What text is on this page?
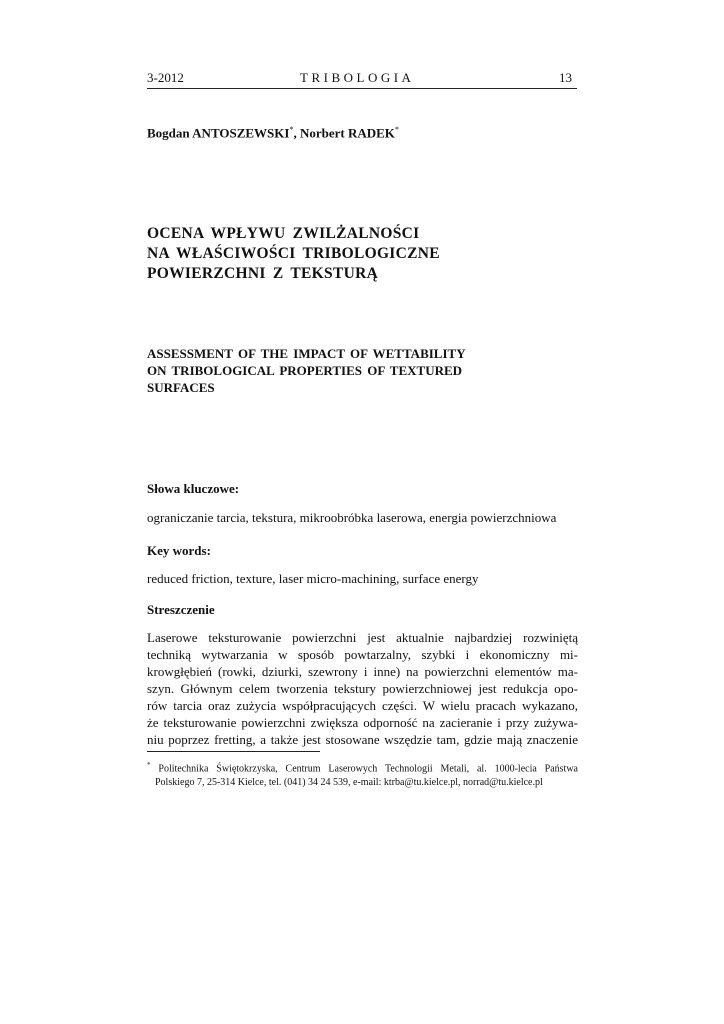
3-2012	TRIBOLOGIA	13
Bogdan ANTOSZEWSKI*, Norbert RADEK*
OCENA WPŁYWU ZWILŻALNOŚCI
NA WŁAŚCIWOŚCI TRIBOLOGICZNE
POWIERZCHNI Z TEKSTURĄ
ASSESSMENT OF THE IMPACT OF WETTABILITY
ON TRIBOLOGICAL PROPERTIES OF TEXTURED
SURFACES
Słowa kluczowe:
ograniczanie tarcia, tekstura, mikroobróbka laserowa, energia powierzchniowa
Key words:
reduced friction, texture, laser micro-machining, surface energy
Streszczenie
Laserowe teksturowanie powierzchni jest aktualnie najbardziej rozwiniętą
techniką wytwarzania w sposób powtarzalny, szybki i ekonomiczny mi-
krowgłębień (rowki, dziurki, szewrony i inne) na powierzchni elementów ma-
szyn. Głównym celem tworzenia tekstury powierzchniowej jest redukcja opo-
rów tarcia oraz zużycia współpracujących części. W wielu pracach wykazano,
że teksturowanie powierzchni zwiększa odporność na zacieranie i przy zużywa-
niu poprzez fretting, a także jest stosowane wszędzie tam, gdzie mają znaczenie
* Politechnika Świętokrzyska, Centrum Laserowych Technologii Metali, al. 1000-lecia Państwa
Polskiego 7, 25-314 Kielce, tel. (041) 34 24 539, e-mail: ktrba@tu.kielce.pl, norrad@tu.kielce.pl
